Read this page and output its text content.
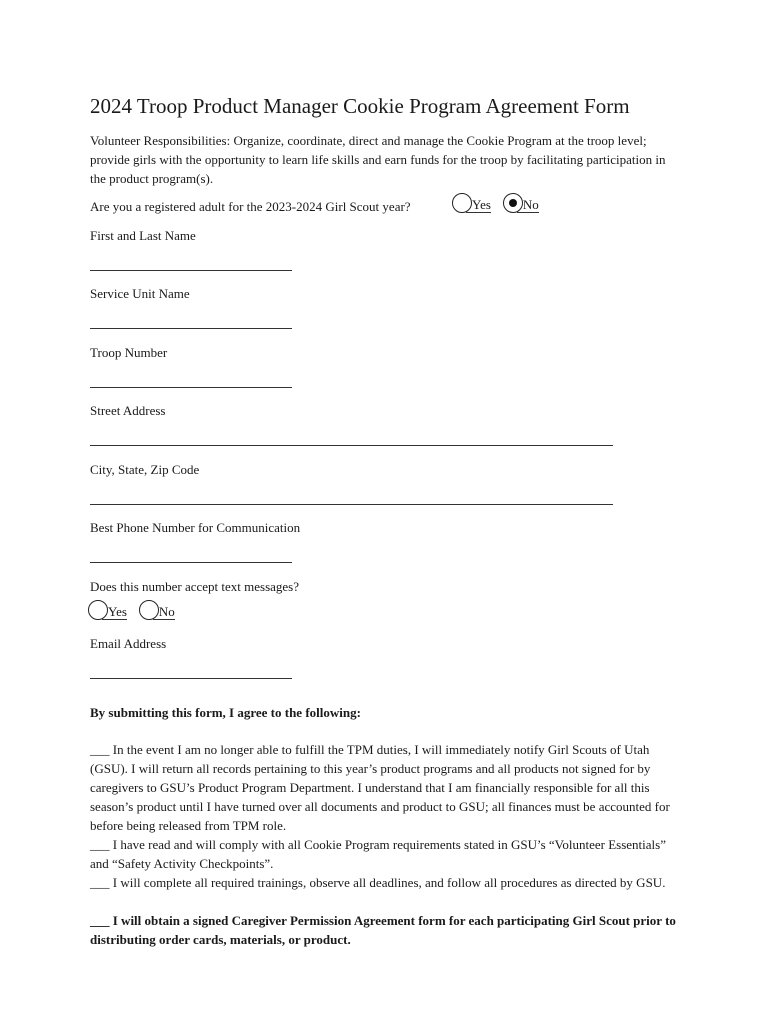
2024 Troop Product Manager Cookie Program Agreement Form
Volunteer Responsibilities: Organize, coordinate, direct and manage the Cookie Program at the troop level; provide girls with the opportunity to learn life skills and earn funds for the troop by facilitating participation in the product program(s).
Are you a registered adult for the 2023-2024 Girl Scout year?	Yes	No
First and Last Name
Service Unit Name
Troop Number
Street Address
City, State, Zip Code
Best Phone Number for Communication
Does this number accept text messages?
Yes	No
Email Address
By submitting this form, I agree to the following:
___ In the event I am no longer able to fulfill the TPM duties, I will immediately notify Girl Scouts of Utah (GSU). I will return all records pertaining to this year’s product programs and all products not signed for by caregivers to GSU’s Product Program Department. I understand that I am financially responsible for all this season’s product until I have turned over all documents and product to GSU; all finances must be accounted for before being released from TPM role.
___ I have read and will comply with all Cookie Program requirements stated in GSU’s “Volunteer Essentials” and “Safety Activity Checkpoints”.
___ I will complete all required trainings, observe all deadlines, and follow all procedures as directed by GSU.
___ I will obtain a signed Caregiver Permission Agreement form for each participating Girl Scout prior to distributing order cards, materials, or product.
